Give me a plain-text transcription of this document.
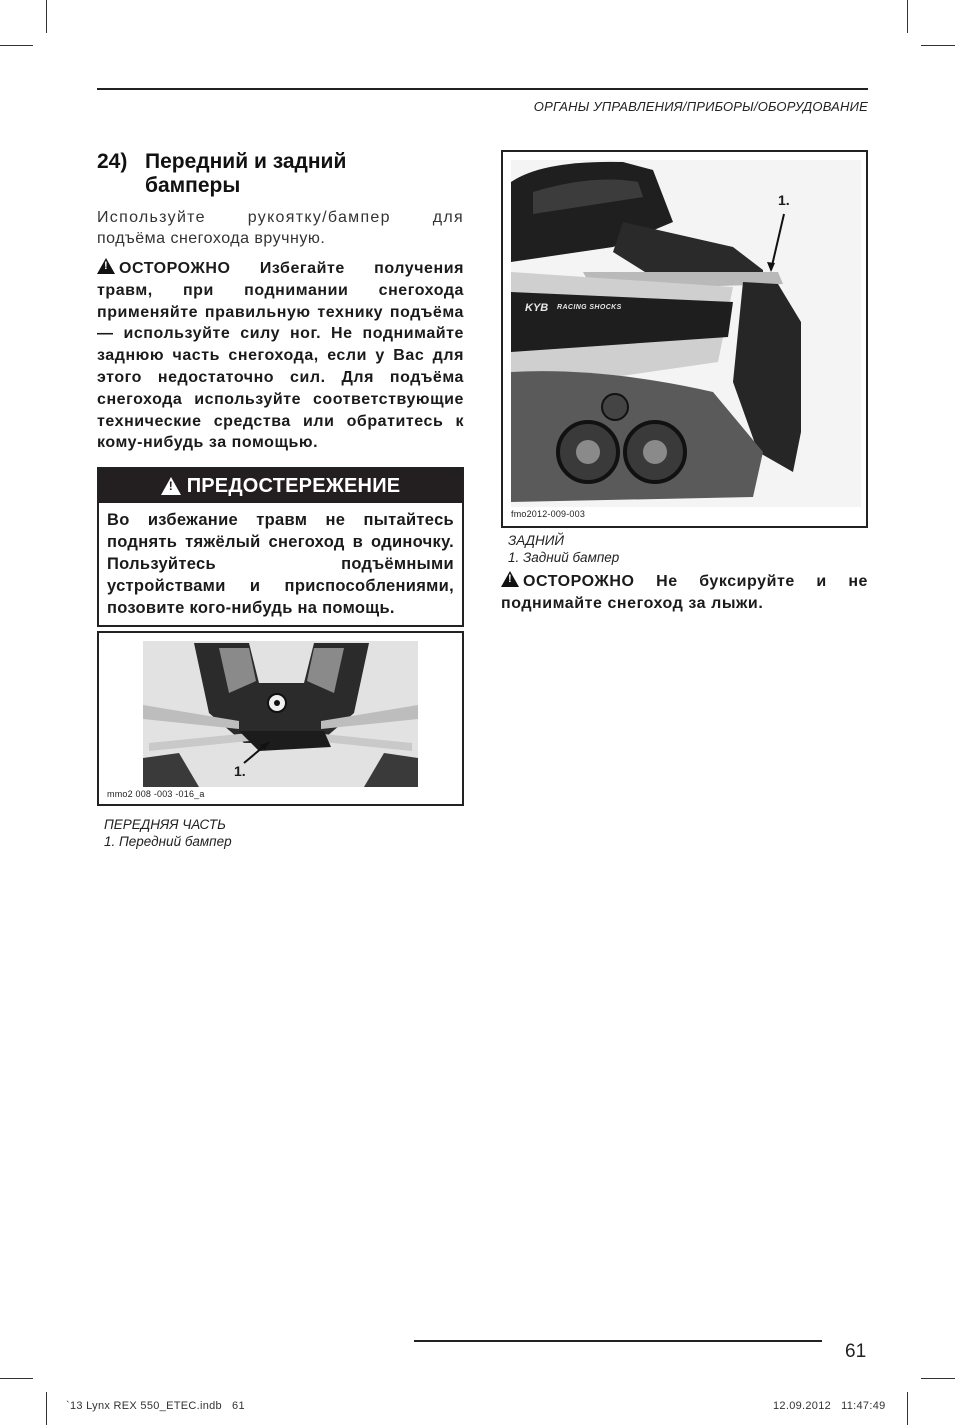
ОРГАНЫ УПРАВЛЕНИЯ/ПРИБОРЫ/ОБОРУДОВАНИЕ
24) Передний и задний
бамперы
Используйте рукоятку/бампер для
подъёма снегохода вручную.
!ОСТОРОЖНО Избегайте получения травм, при поднимании снегохода применяйте правильную технику подъёма — используйте силу ног. Не поднимайте заднюю часть снегохода, если у Вас для этого недостаточно сил. Для подъёма снегохода используйте соответствующие технические средства или обратитесь к кому-нибудь за помощью.
!
ПРЕДОСТЕРЕЖЕНИЕ
Во избежание травм не пытайтесь поднять тяжёлый снегоход в одиночку. Пользуйтесь подъёмными устройствами и приспособлениями, позовите кого-нибудь на помощь.
1.
mmo2 008 -003 -016_a
ПЕРЕДНЯЯ ЧАСТЬ
1. Передний бампер
KYB RACING SHOCKS
1.
fmo2012-009-003
ЗАДНИЙ
1. Задний бампер
!ОСТОРОЖНО Не буксируйте и не поднимайте снегоход за лыжи.
61
`13 Lynx REX 550_ETEC.indb   61	12.09.2012   11:47:49
